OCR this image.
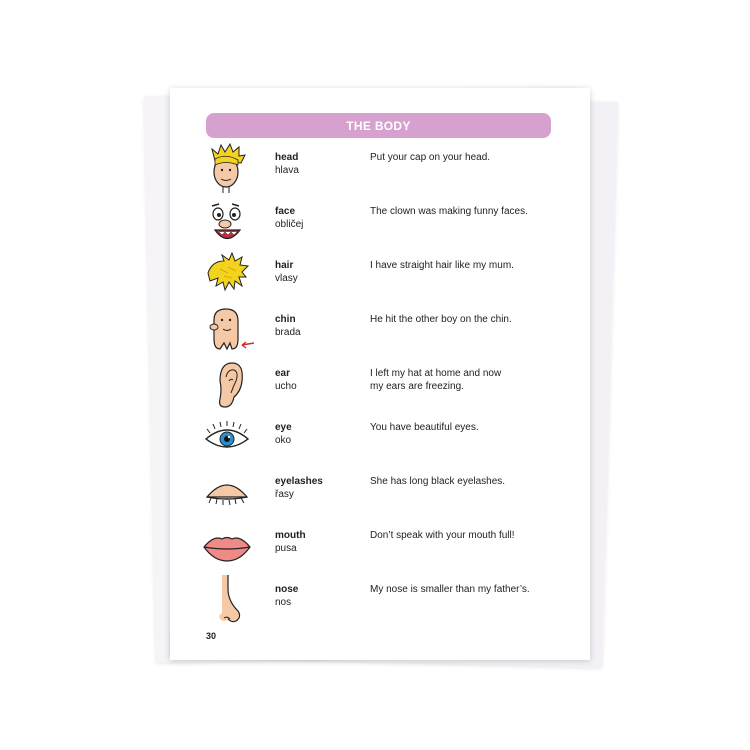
THE BODY
head
hlava
Put your cap on your head.
face
obličej
The clown was making funny faces.
hair
vlasy
I have straight hair like my mum.
chin
brada
He hit the other boy on the chin.
ear
ucho
I left my hat at home and now
my ears are freezing.
eye
oko
You have beautiful eyes.
eyelashes
řasy
She has long black eyelashes.
mouth
pusa
Don’t speak with your mouth full!
nose
nos
My nose is smaller than my father’s.
30
